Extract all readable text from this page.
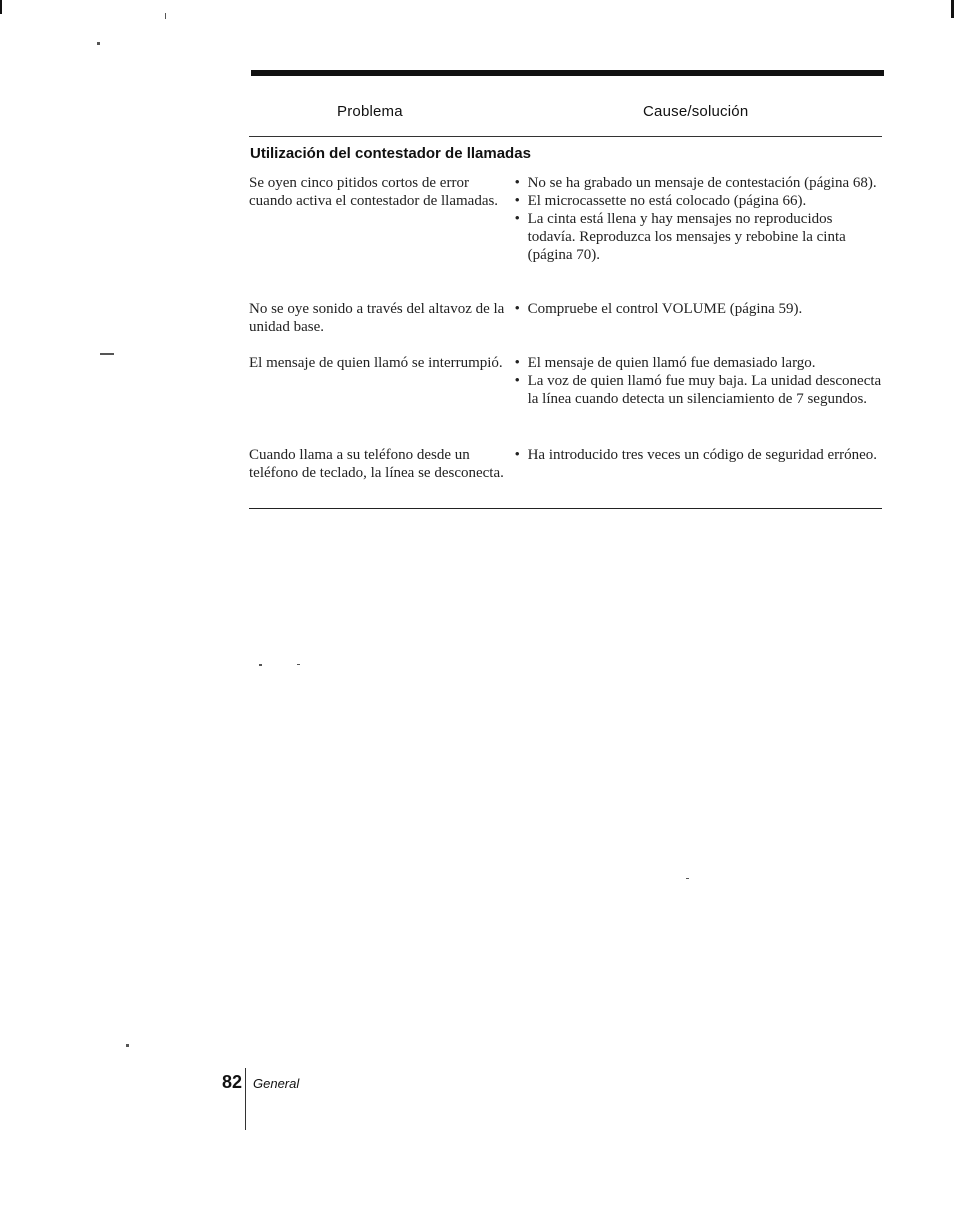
Problema	Cause/solución
Utilización del contestador de llamadas
Se oyen cinco pitidos cortos de error cuando activa el contestador de llamadas.
• No se ha grabado un mensaje de contestación (página 68).
• El microcassette no está colocado (página 66).
• La cinta está llena y hay mensajes no reproducidos todavía. Reproduzca los mensajes y rebobine la cinta (página 70).
No se oye sonido a través del altavoz de la unidad base.
• Compruebe el control VOLUME (página 59).
El mensaje de quien llamó se interrumpió.
•	El mensaje de quien llamó fue demasiado largo.
• La voz de quien llamó fue muy baja. La unidad desconecta la línea cuando detecta un silenciamiento de 7 segundos.
Cuando llama a su teléfono desde un teléfono de teclado, la línea se desconecta.
• Ha introducido tres veces un código de seguridad erróneo.
82 General
